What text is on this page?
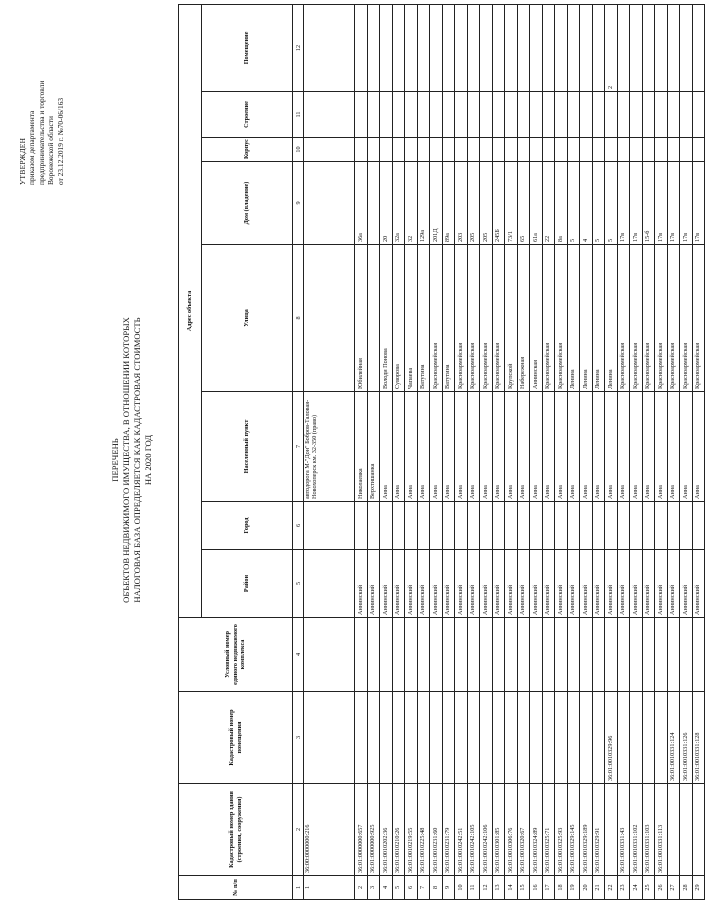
УТВЕРЖДЕН приказом департамента предпринимательства и торговли Воронежской области от 23.12.2019 г. №70-06/163
ПЕРЕЧЕНЬ ОБЪЕКТОВ НЕДВИЖИМОГО ИМУЩЕСТВА, В ОТНОШЕНИИ КОТОРЫХ НАЛОГОВАЯ БАЗА ОПРЕДЕЛЯЕТСЯ КАК КАДАСТРОВАЯ СТОИМОСТЬ НА 2020 ГОД
№ п/п	Кадастровый номер здания (строения, сооружения)	Кадастровый номер помещения	Условный номер единого недвижимого комплекса	Адрес объекта							
				Район	Город	Населенный пункт	Улица	Дом (владение)	Корпус	Строение	Помещение
1	2	3	4	5	6	7	8	9	10	11	12
1	36:00:0000000:216					автодорога М-"Дон" Бобров-Таловая-Новохоперск км. 32-350 (право)					
2	36:01:0000000:657			Аннинский		Николаевка	Юбилейная	36а			
3	36:01:0000000:925			Аннинский		Верхтишанка					
4	36:01:0010202:36			Аннинский		Анна	Володи Понова	20			
5	36:01:0010210:26			Аннинский		Анна	Суворова	32а			
6	36:01:0010219:55			Аннинский		Анна	Чапаева	32			
7	36:01:0010225:48			Аннинский		Анна	Ватутина	129а			
8	36:01:0010231:60			Аннинский		Анна	Красноармейская	201Д			
9	36:01:0010231:79			Аннинский		Анна	Ватутина	89а			
10	36:01:0010242:51			Аннинский		Анна	Красноармейская	203			
11	36:01:0010242:105			Аннинский		Анна	Красноармейская	205			
12	36:01:0010242:106			Аннинский		Анна	Красноармейская	205			
13	36:01:0010301:85			Аннинский		Анна	Красноармейская	245Б			
14	36:01:0010306:76			Аннинский		Анна	Крупской	73/1			
15	36:01:0010320:67			Аннинский		Анна	Набережная	65			
16	36:01:0010324:89			Аннинский		Анна	Аннинская	61а			
17	36:01:0010325:71			Аннинский		Анна	Красноармейская	22			
18	36:01:0010325:93			Аннинский		Анна	Красноармейская	8а			
19	36:01:0010329:145			Аннинский		Анна	Ленина	5			
20	36:01:0010329:189			Аннинский		Анна	Ленина	4			
21	36:01:0010329:91			Аннинский		Анна	Ленина	5			
22		36:01:0010329:96		Аннинский		Анна	Ленина	5			2
23	36:01:0010331:43			Аннинский		Анна	Красноармейская	17в			
24	36:01:0010331:102			Аннинский		Анна	Красноармейская	17в			
25	36:01:0010331:103			Аннинский		Анна	Красноармейская	15-б			
26	36:01:0010331:113			Аннинский		Анна	Красноармейская	17в			
27		36:01:0010331:124		Аннинский		Анна	Красноармейская	17в			
28		36:01:0010331:126		Аннинский		Анна	Красноармейская	17в			
29		36:01:0010331:128		Аннинский		Анна	Красноармейская	17в			
